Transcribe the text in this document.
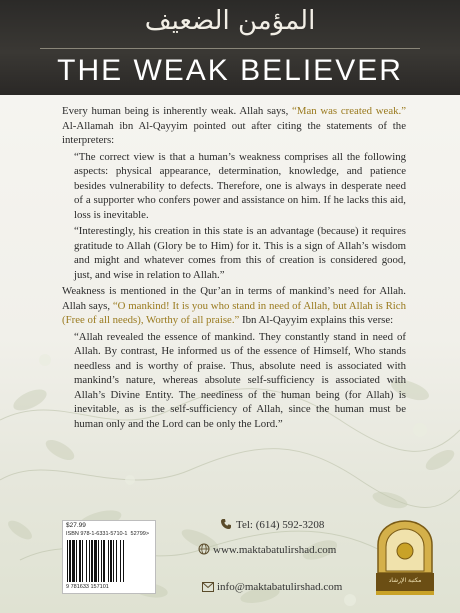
المؤمن الضعيف
THE WEAK BELIEVER

Every human being is inherently weak. Allah says, “Man was created weak.” Al-Allamah ibn Al-Qayyim pointed out after citing the statements of the interpreters:

“The correct view is that a human’s weakness comprises all the following aspects: physical appearance, determination, knowledge, and patience besides vulnerability to defects. Therefore, one is always in desperate need of a supporter who confers power and assistance on him. If he lacks this aid, loss is inevitable.

“Interestingly, his creation in this state is an advantage (because) it requires gratitude to Allah (Glory be to Him) for it. This is a sign of Allah’s wisdom and might and whatever comes from this of creation is considered good, just, and wise in relation to Allah.”

Weakness is mentioned in the Qur’an in terms of mankind’s need for Allah. Allah says, “O mankind! It is you who stand in need of Allah, but Allah is Rich (Free of all needs), Worthy of all praise.” Ibn Al-Qayyim explains this verse:

“Allah revealed the essence of mankind. They constantly stand in need of Allah. By contrast, He informed us of the essence of Himself, Who stands needless and is worthy of praise. Thus, absolute need is associated with mankind’s nature, whereas absolute self-sufficiency is associated with Allah’s Divine Entity. The neediness of the human being (for Allah) is inevitable, as is the self-sufficiency of Allah, since the human must be human only and the Lord can be only the Lord.”

$27.99
ISBN 978-1-6331-5710-1 52799>
9 781633 157101
Tel: (614) 592-3208
www.maktabatulirshad.com
info@maktabatulirshad.com
مكتبة الإرشاد
